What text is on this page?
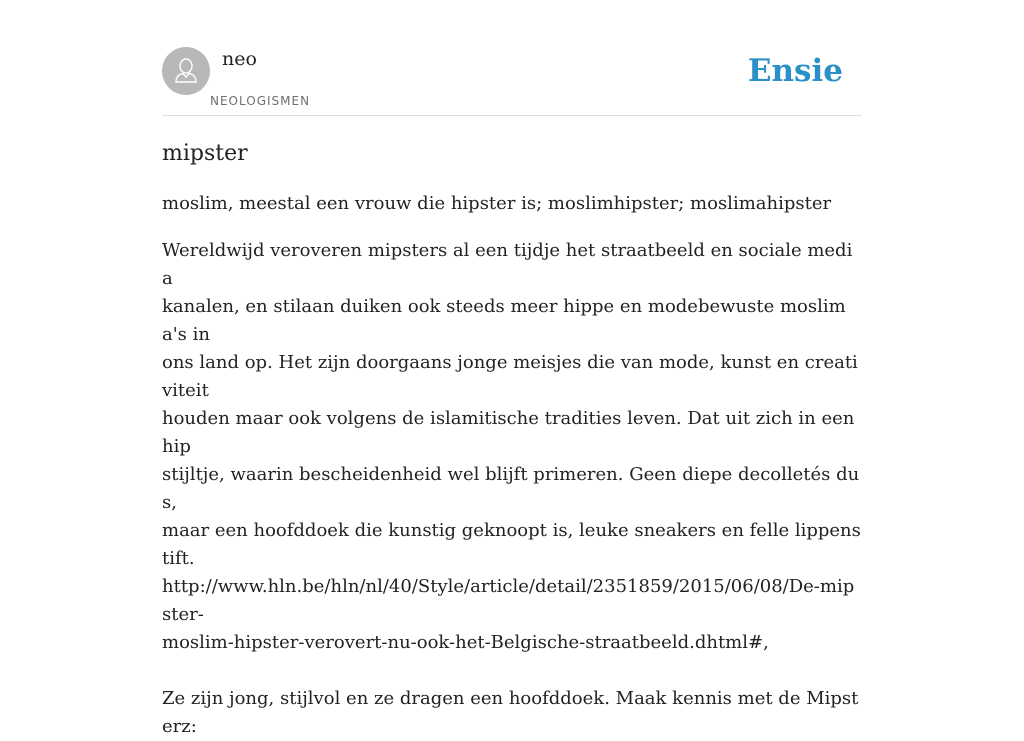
neo
NEOLOGISMEN
Ensie
mipster

moslim, meestal een vrouw die hipster is; moslimhipster; moslimahipster

Wereldwijd veroveren mipsters al een tijdje het straatbeeld en sociale media
kanalen, en stilaan duiken ook steeds meer hippe en modebewuste moslima's in
ons land op. Het zijn doorgaans jonge meisjes die van mode, kunst en creativiteit
houden maar ook volgens de islamitische tradities leven. Dat uit zich in een hip
stijltje, waarin bescheidenheid wel blijft primeren. Geen diepe decolletés dus,
maar een hoofddoek die kunstig geknoopt is, leuke sneakers en felle lippenstift.
http://www.hln.be/hln/nl/40/Style/article/detail/2351859/2015/06/08/De-mipster-
moslim-hipster-verovert-nu-ook-het-Belgische-straatbeeld.dhtml#,
Ze zijn jong, stijlvol en ze dragen een hoofddoek. Maak kennis met de Mipsterz:
